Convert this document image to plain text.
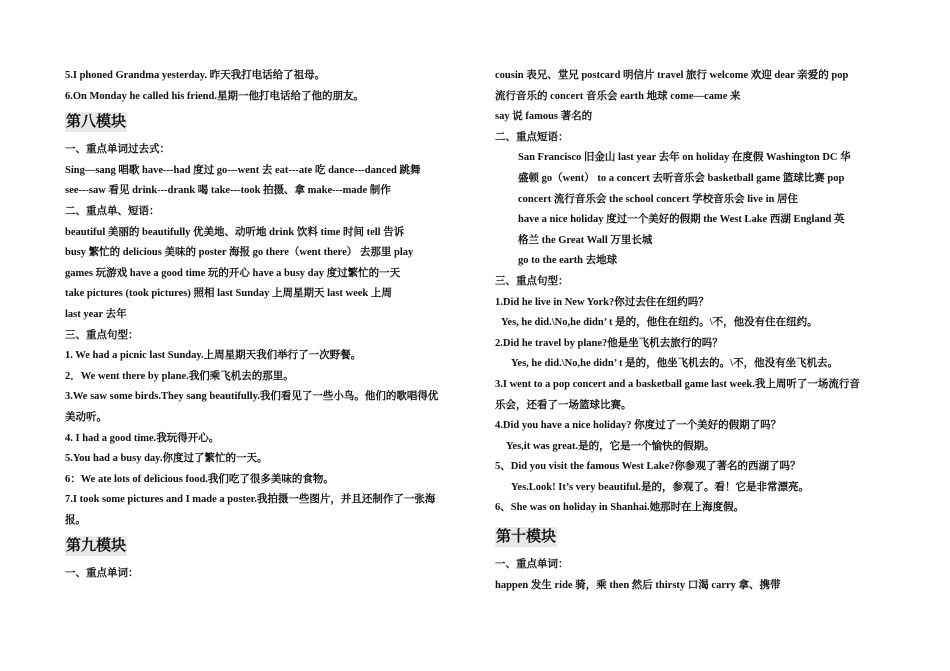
5.I phoned Grandma yesterday. 昨天我打电话给了祖母。

6.On Monday he called his friend.星期一他打电话给了他的朋友。

第八模块

一、重点单词过去式：

Sing—sang 唱歌 have---had 度过 go---went 去 eat---ate 吃 dance---danced 跳舞

see---saw 看见 drink---drank 喝 take---took 拍摄、拿 make---made 制作

二、重点单、短语：

beautiful 美丽的 beautifully 优美地、动听地 drink 饮料 time 时间 tell 告诉

busy 繁忙的 delicious 美味的 poster 海报 go there（went there） 去那里 play

games 玩游戏 have a good time 玩的开心 have a busy day 度过繁忙的一天

take pictures (took pictures) 照相 last Sunday 上周星期天 last week 上周

last year 去年

三、重点句型：

1. We had a picnic last Sunday.上周星期天我们举行了一次野餐。

2．We went there by plane.我们乘飞机去的那里。

3.We saw some birds.They sang beautifully.我们看见了一些小鸟。他们的歌唱得优

美动听。

4. I had a good time.我玩得开心。

5.You had a busy day.你度过了繁忙的一天。

6：We ate lots of delicious food.我们吃了很多美味的食物。

7.I took some pictures and I made a poster.我拍摄一些图片，并且还制作了一张海

报。

第九模块

一、重点单词：

cousin 表兄、堂兄 postcard 明信片 travel 旅行 welcome 欢迎 dear 亲爱的 pop

流行音乐的 concert 音乐会 earth 地球 come—came 来

say 说 famous 著名的

二、重点短语：

San Francisco 旧金山 last year 去年 on holiday 在度假 Washington DC 华

盛顿 go（went） to a concert 去听音乐会 basketball game 篮球比赛 pop

concert 流行音乐会 the school concert 学校音乐会 live in 居住

have a nice holiday 度过一个美好的假期 the West Lake 西湖 England 英

格兰 the Great Wall 万里长城

go to the earth 去地球

三、重点句型：

1.Did he live in New York?你过去住在纽约吗？

Yes, he did.\No,he didn’ t 是的，他住在纽约。\不，他没有住在纽约。

2.Did he travel by plane?他是坐飞机去旅行的吗？

Yes, he did.\No,he didn’ t 是的，他坐飞机去的。\不，他没有坐飞机去。

3.I went to a pop concert and a basketball game last week.我上周听了一场流行音

乐会，还看了一场篮球比赛。

4.Did you have a nice holiday? 你度过了一个美好的假期了吗？

Yes,it was great.是的，它是一个愉快的假期。

5、Did you visit the famous West Lake?你参观了著名的西湖了吗？

Yes.Look! It’s very beautiful.是的，参观了。看！它是非常漂亮。

6、She was on holiday in Shanhai.她那时在上海度假。

第十模块

一、重点单词：

happen 发生 ride 骑，乘 then 然后 thirsty 口渴 carry 拿、携带
